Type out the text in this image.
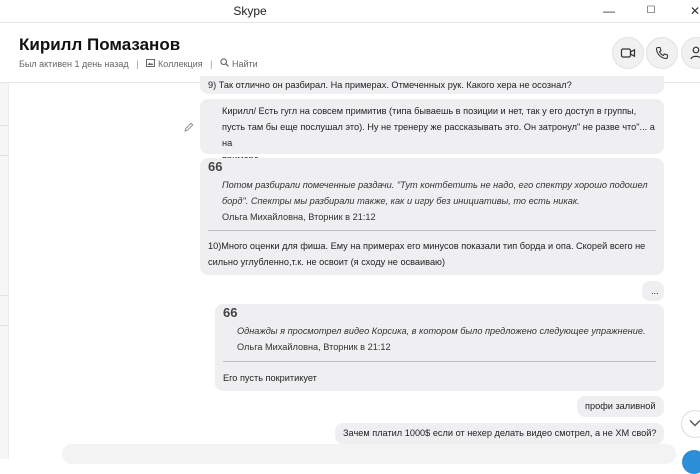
Skype	—	☐	✕
Кирилл Помазанов
Был активен 1 день назад | Коллекция | Найти
9) Так отлично он разбирал. На примерах. Отмеченных рук. Какого хера не осознал?
Кирилл/ Есть гугл на совсем примитив (типа бываешь в позиции и нет, так у его доступ в группы,
пусть там бы еще послушал это). Ну не тренеру же рассказывать это. Он затронул" не разве что"... а на
66
Потом разбирали помеченные раздачи. "Тут контбетить не надо, его спектру хорошо подошел
борд". Спектры мы разбирали также, как и игру без инициативы, то есть никак.
Ольга Михайловна, Вторник в 21:12
10)Много оценки для фиша. Ему на примерах его минусов показали тип борда и опа. Скорей всего не
сильно углубленно,т.к. не освоит (я сходу не осваиваю)
...
66
Однажды я просмотрел видео Корсика, в котором было предложено следующее упражнение.
Ольга Михайловна, Вторник в 21:12
Его пусть покритикует
профи заливной
Зачем платил 1000$ если от нехер делать видео смотрел, а не ХМ свой?
